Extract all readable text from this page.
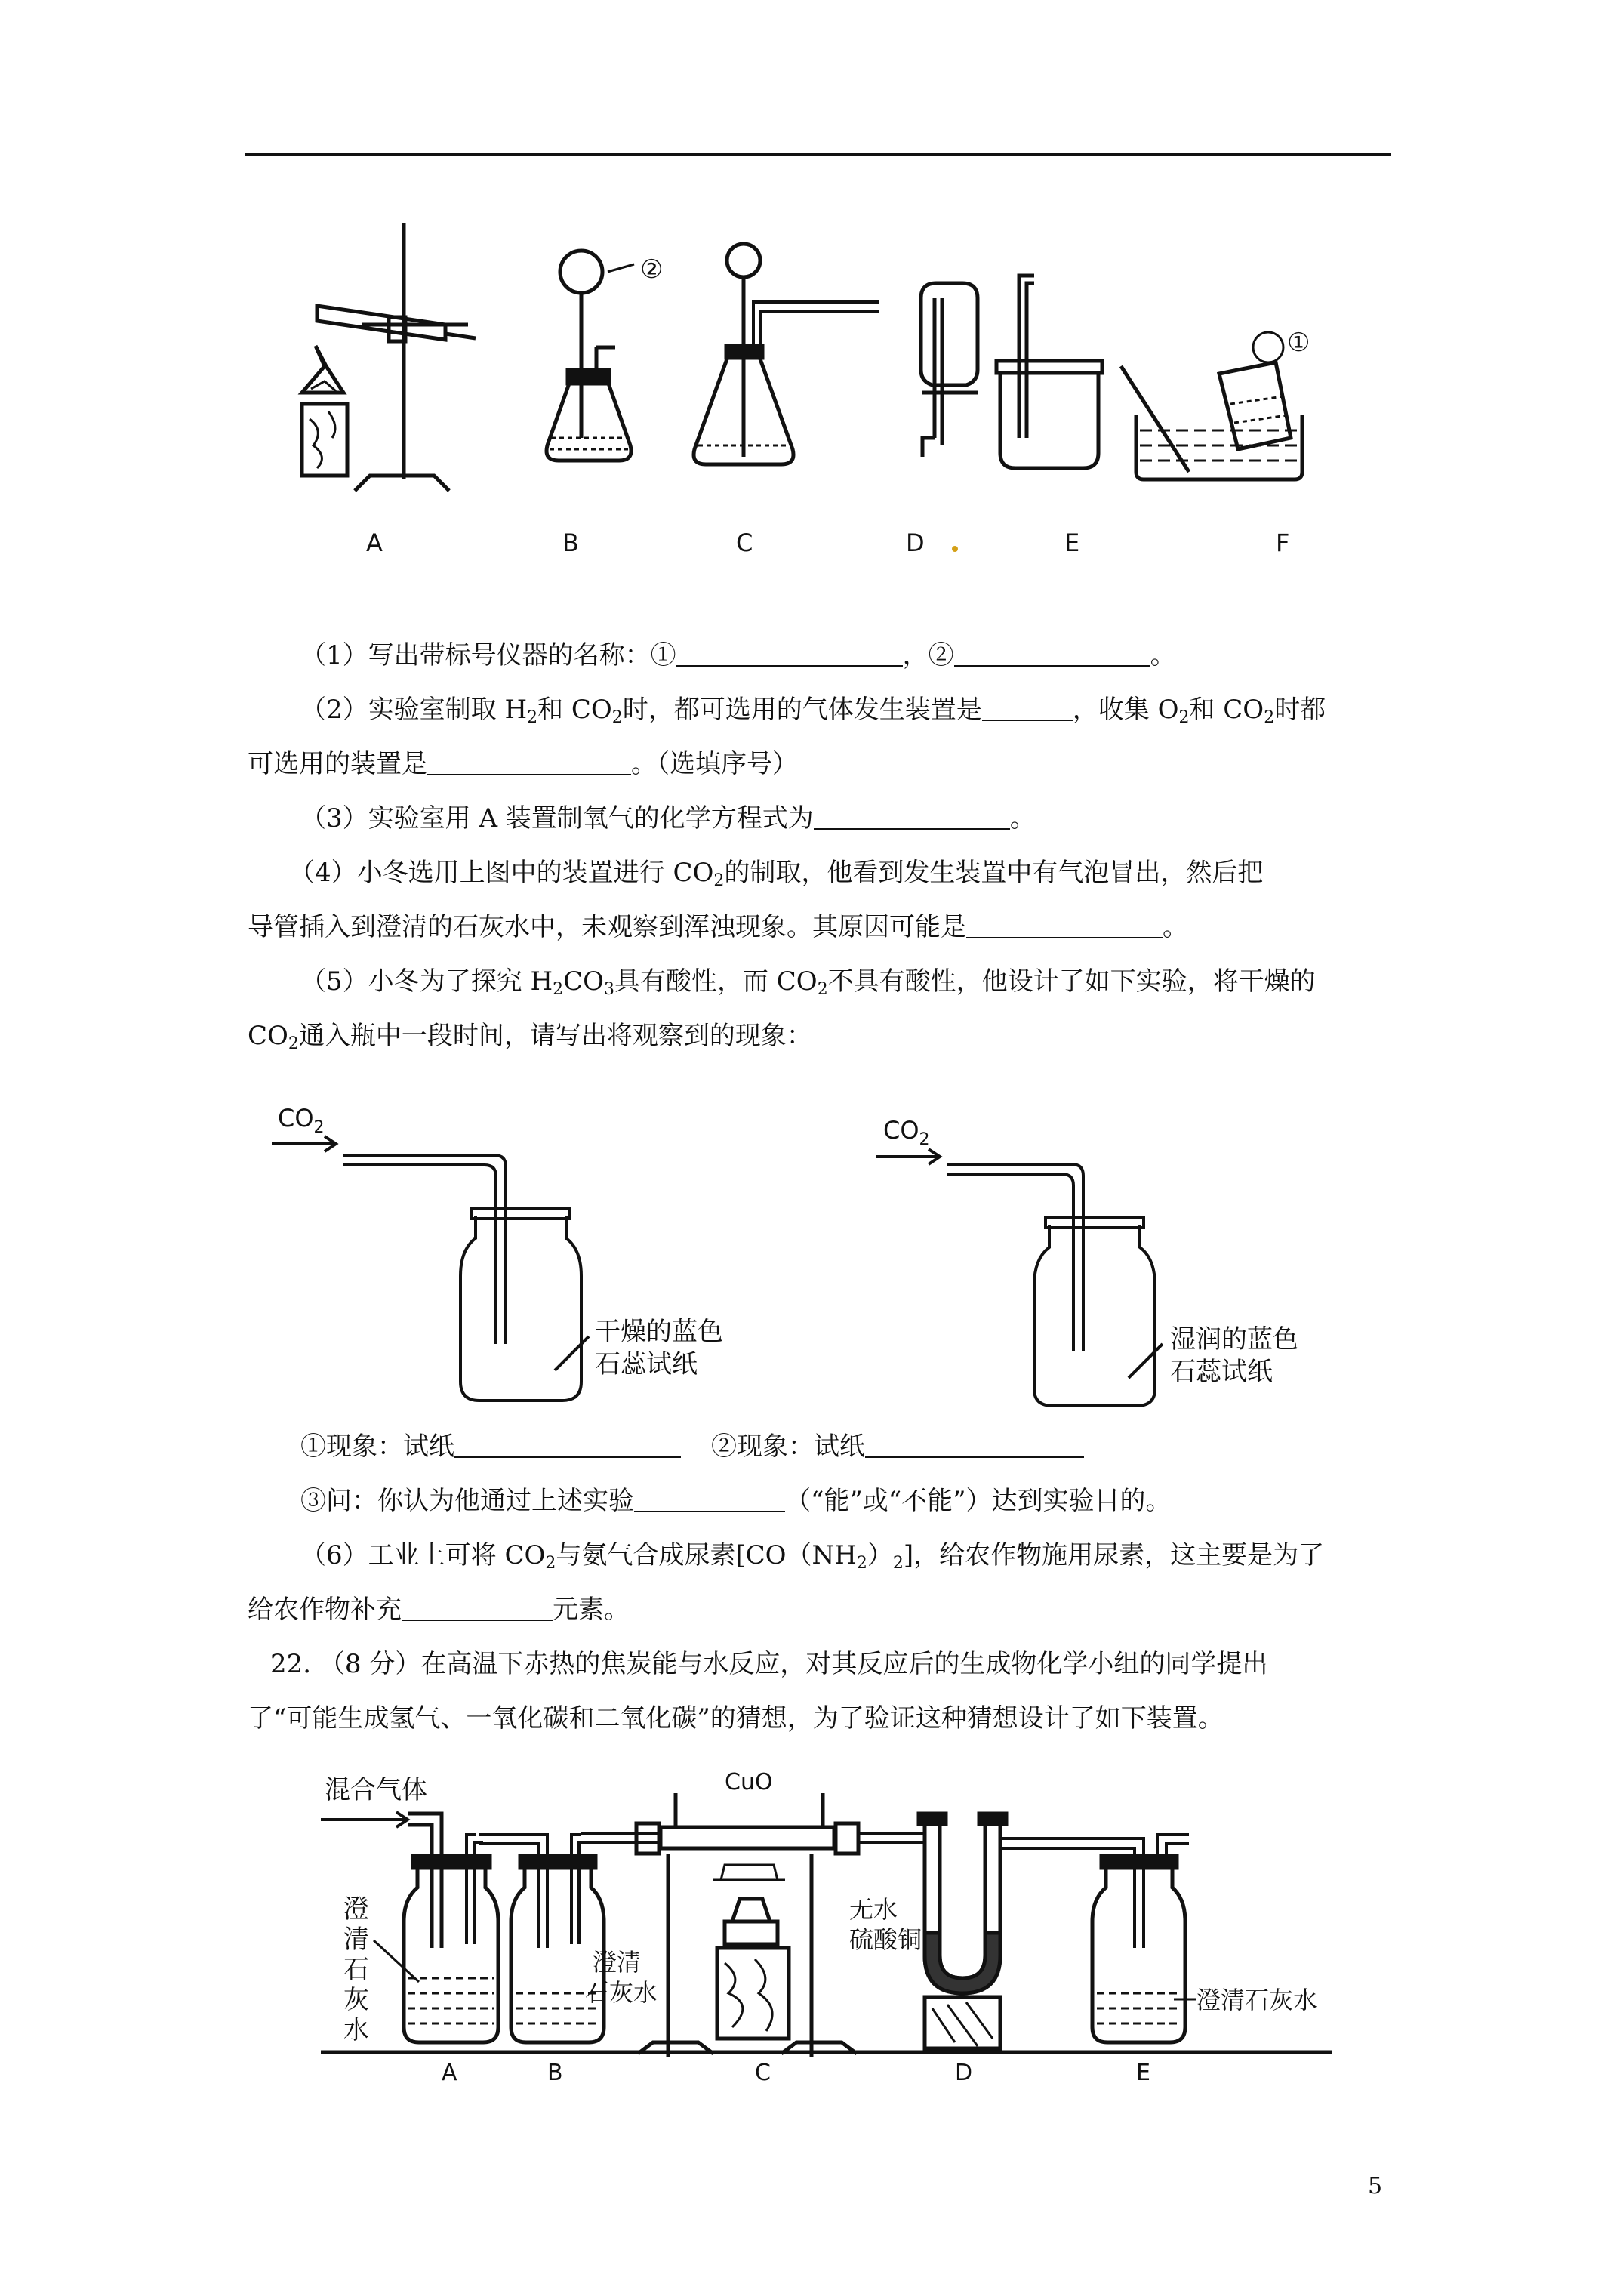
②
①
A	B	C	D	E	F
（1）写出带标号仪器的名称：①	，②	。
（2）实验室制取 $H_2$和 $CO_2$时，都可选用的气体发生装置是	，收集 $O_2$和 $CO_2$时都
可选用的装置是	。（选填序号）
（3）实验室用 A 装置制氧气的化学方程式为	。
（4）小冬选用上图中的装置进行 $CO_2$的制取，他看到发生装置中有气泡冒出，然后把
导管插入到澄清的石灰水中，未观察到浑浊现象。其原因可能是	。
（5）小冬为了探究 $H_2CO_3$具有酸性，而 $CO_2$不具有酸性，他设计了如下实验，将干燥的
$CO_2$通入瓶中一段时间，请写出将观察到的现象：
$CO_2$
干燥的蓝色
石蕊试纸
$CO_2$
湿润的蓝色
石蕊试纸
①现象：试纸	②现象：试纸
③问：你认为他通过上述实验	（“能”或“不能”）达到实验目的。
（6）工业上可将 $CO_2$与氨气合成尿素$[CO(NH_2)_2]$，给农作物施用尿素，这主要是为了
给农作物补充	元素。
22. （8 分）在高温下赤热的焦炭能与水反应，对其反应后的生成物化学小组的同学提出
了“可能生成氢气、一氧化碳和二氧化碳”的猜想，为了验证这种猜想设计了如下装置。
混合气体
澄
清
石
灰
水
澄清
石灰水
CuO
无水
硫酸铜
澄清石灰水
A	B	C	D	E
5
